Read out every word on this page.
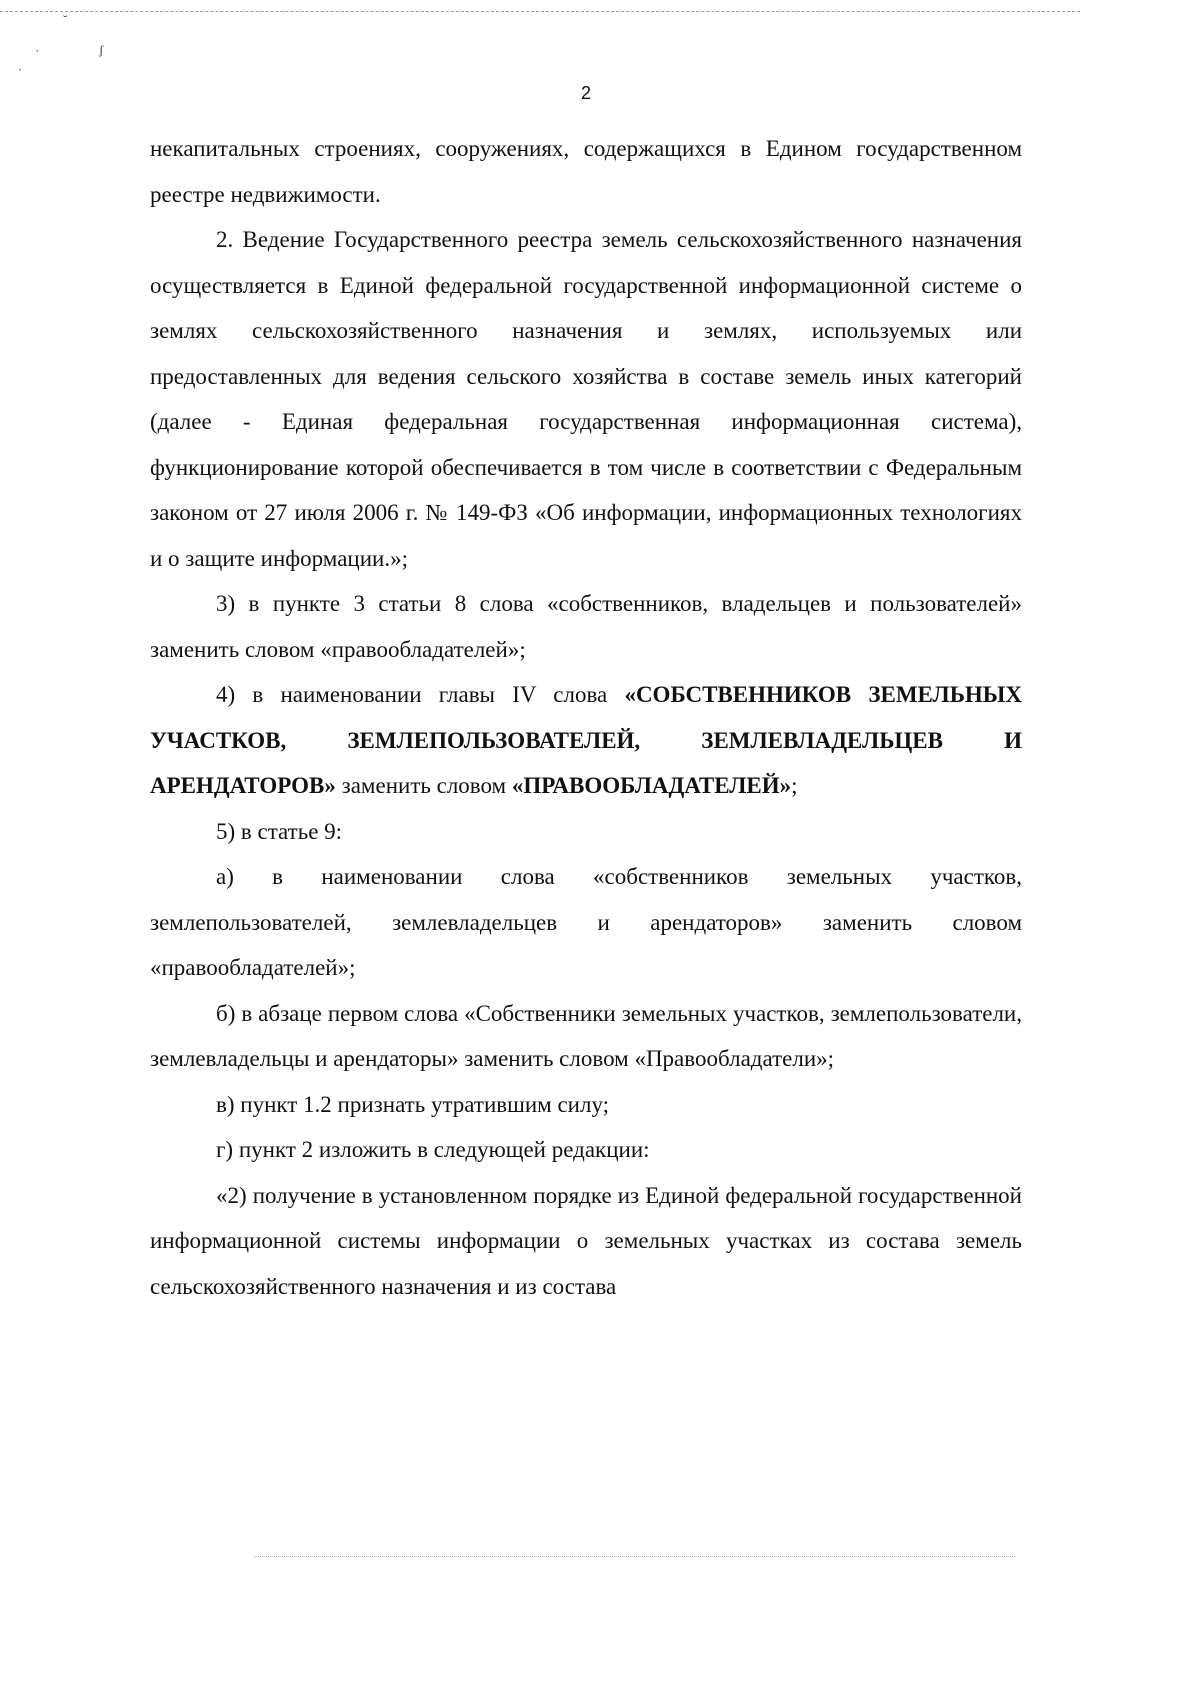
˘
·	ʃ
·
2

некапитальных строениях, сооружениях, содержащихся в Едином государственном реестре недвижимости.

2. Ведение Государственного реестра земель сельскохозяйственного назначения осуществляется в Единой федеральной государственной информационной системе о землях сельскохозяйственного назначения и землях, используемых или предоставленных для ведения сельского хозяйства в составе земель иных категорий (далее - Единая федеральная государственная информационная система), функционирование которой обеспечивается в том числе в соответствии с Федеральным законом от 27 июля 2006 г. № 149-ФЗ «Об информации, информационных технологиях и о защите информации.»;

3) в пункте 3 статьи 8 слова «собственников, владельцев и пользователей» заменить словом «правообладателей»;

4) в наименовании главы IV слова «СОБСТВЕННИКОВ ЗЕМЕЛЬНЫХ УЧАСТКОВ, ЗЕМЛЕПОЛЬЗОВАТЕЛЕЙ, ЗЕМЛЕВЛАДЕЛЬЦЕВ И АРЕНДАТОРОВ» заменить словом «ПРАВООБЛАДАТЕЛЕЙ»;

5) в статье 9:

а) в наименовании слова «собственников земельных участков, землепользователей, землевладельцев и арендаторов» заменить словом «правообладателей»;

б) в абзаце первом слова «Собственники земельных участков, землепользователи, землевладельцы и арендаторы» заменить словом «Правообладатели»;

в) пункт 1.2 признать утратившим силу;

г) пункт 2 изложить в следующей редакции:

«2) получение в установленном порядке из Единой федеральной государственной информационной системы информации о земельных участках из состава земель сельскохозяйственного назначения и из состава
